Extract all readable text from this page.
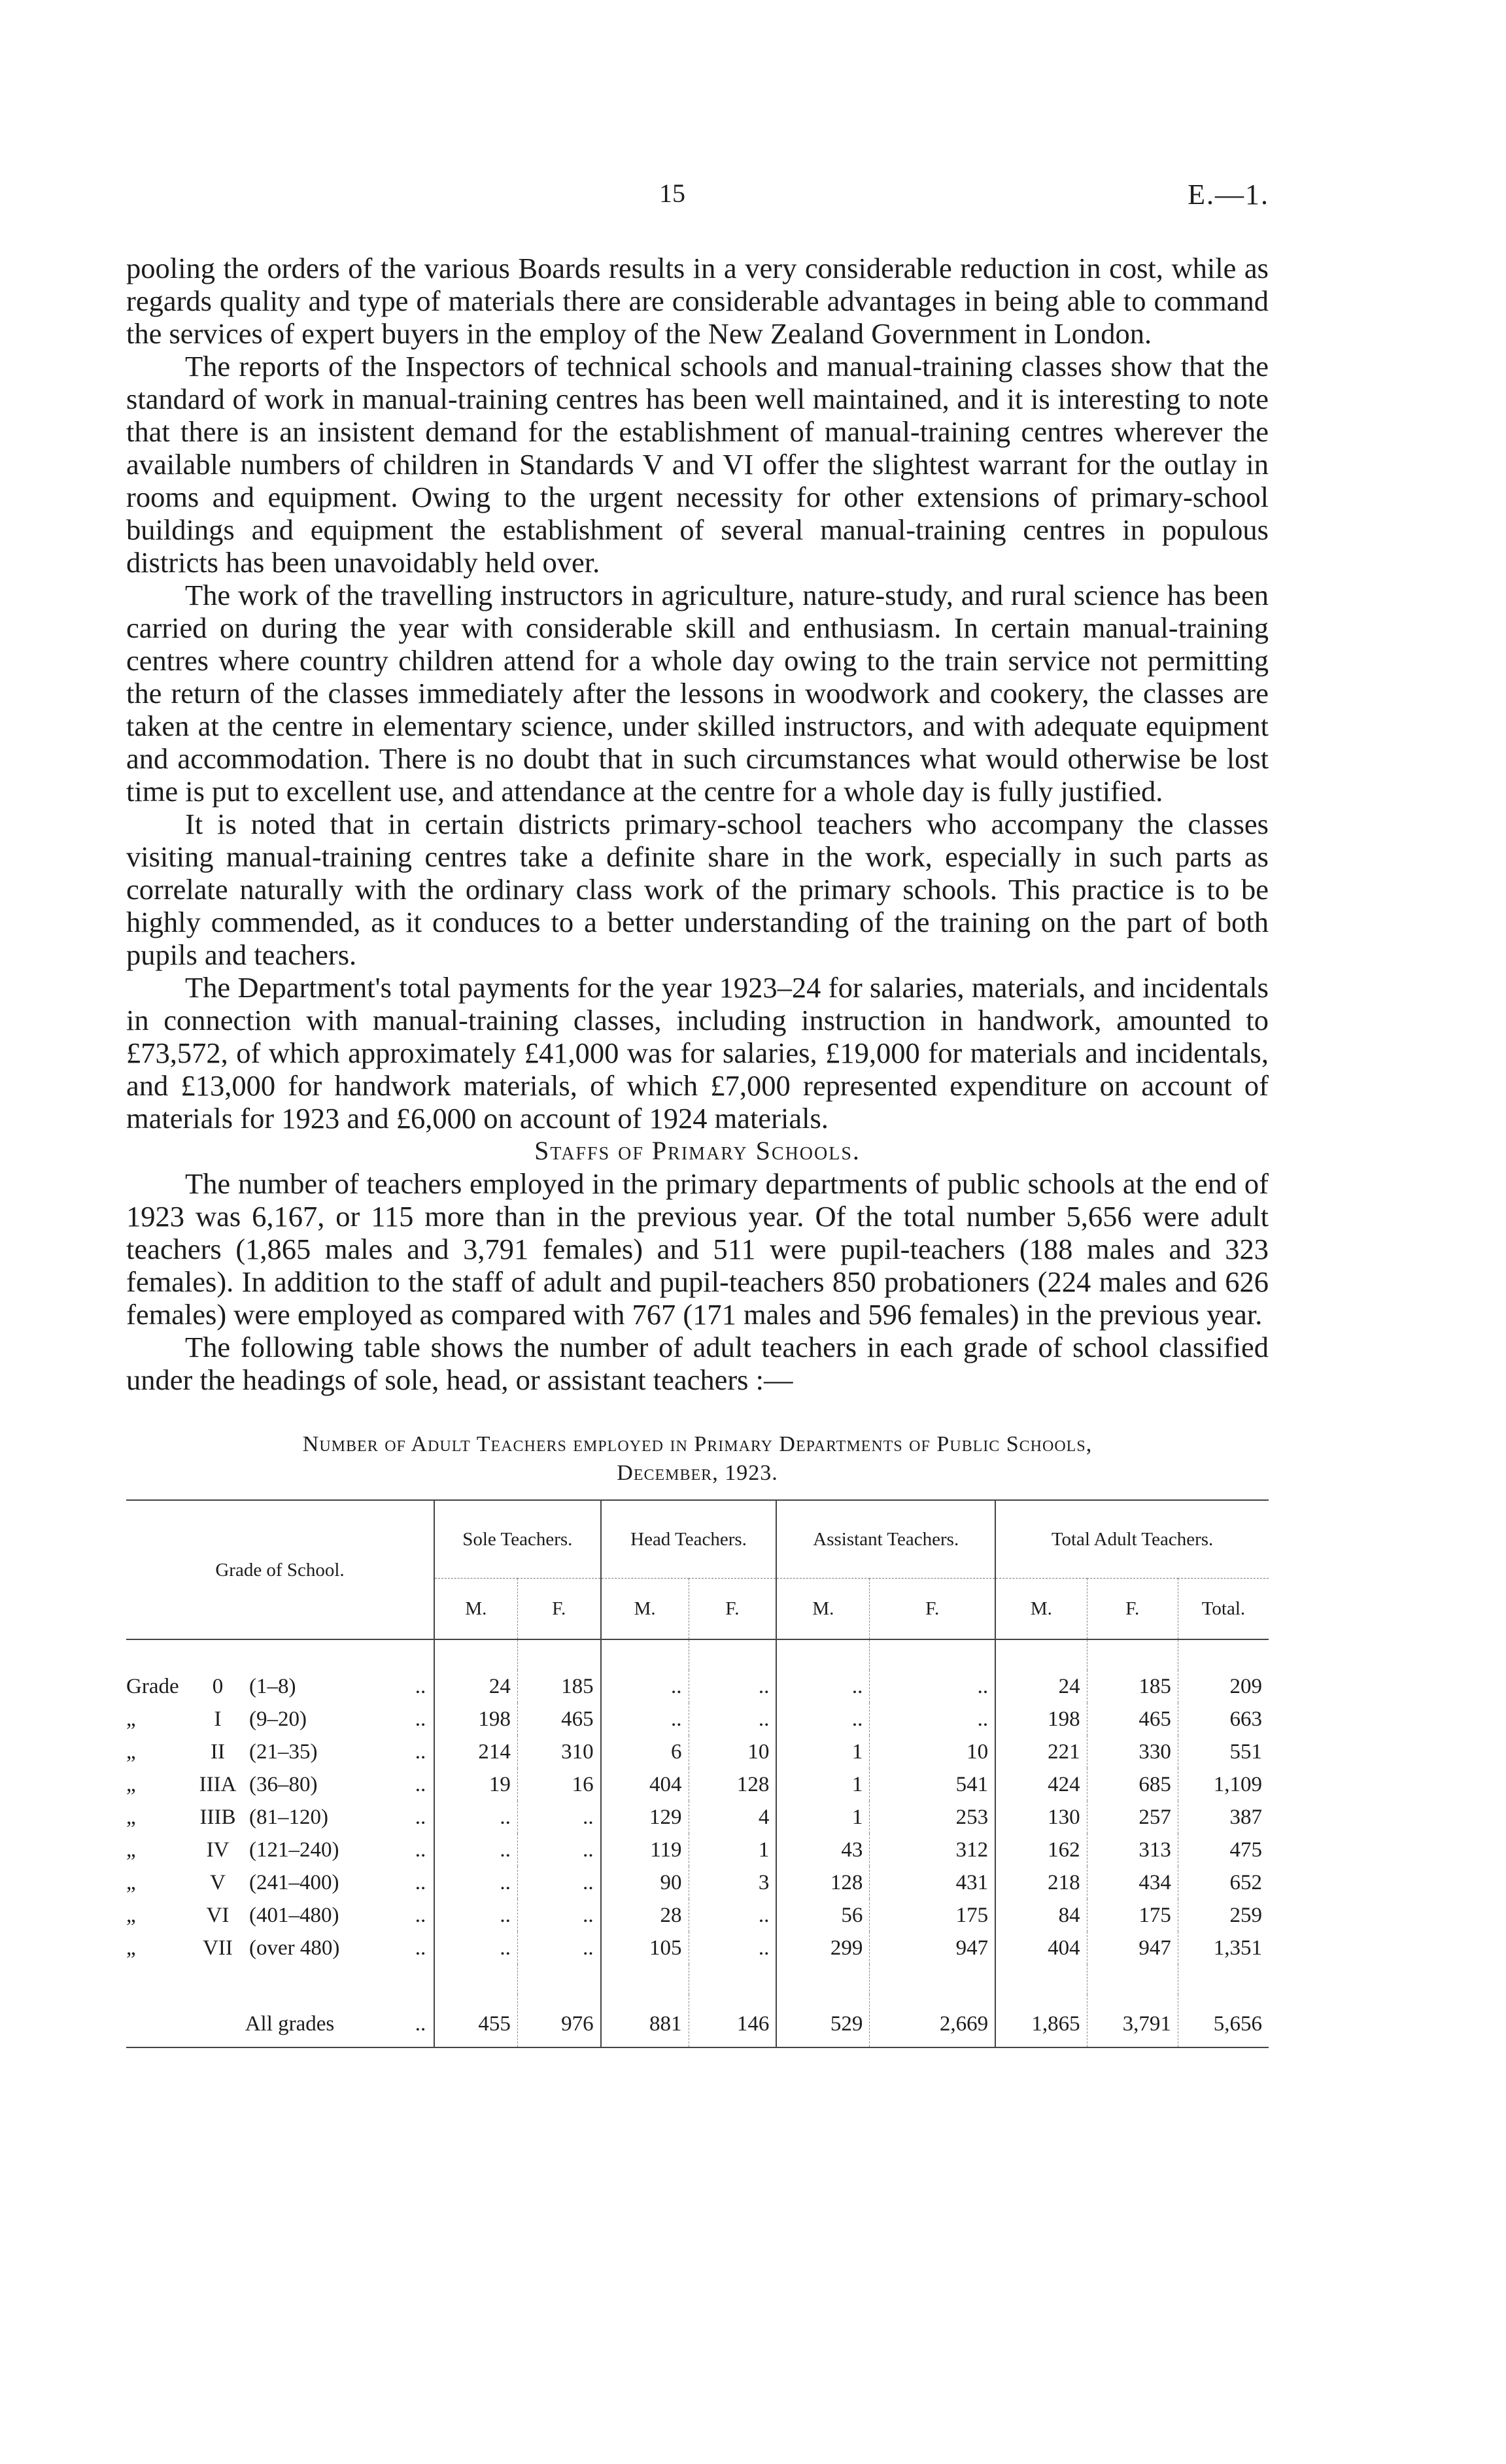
15	E.—1.

pooling the orders of the various Boards results in a very considerable reduction in cost, while as regards quality and type of materials there are considerable advantages in being able to command the services of expert buyers in the employ of the New Zealand Government in London.

The reports of the Inspectors of technical schools and manual-training classes show that the standard of work in manual-training centres has been well maintained, and it is interesting to note that there is an insistent demand for the establishment of manual-training centres wherever the available numbers of children in Standards V and VI offer the slightest warrant for the outlay in rooms and equipment. Owing to the urgent necessity for other extensions of primary-school buildings and equipment the establishment of several manual-training centres in populous districts has been unavoidably held over.

The work of the travelling instructors in agriculture, nature-study, and rural science has been carried on during the year with considerable skill and enthusiasm. In certain manual-training centres where country children attend for a whole day owing to the train service not permitting the return of the classes immediately after the lessons in woodwork and cookery, the classes are taken at the centre in elementary science, under skilled instructors, and with adequate equipment and accommodation. There is no doubt that in such circumstances what would otherwise be lost time is put to excellent use, and attendance at the centre for a whole day is fully justified.

It is noted that in certain districts primary-school teachers who accompany the classes visiting manual-training centres take a definite share in the work, especially in such parts as correlate naturally with the ordinary class work of the primary schools. This practice is to be highly commended, as it conduces to a better understanding of the training on the part of both pupils and teachers.

The Department's total payments for the year 1923–24 for salaries, materials, and incidentals in connection with manual-training classes, including instruction in handwork, amounted to £73,572, of which approximately £41,000 was for salaries, £19,000 for materials and incidentals, and £13,000 for handwork materials, of which £7,000 represented expenditure on account of materials for 1923 and £6,000 on account of 1924 materials.

Staffs of Primary Schools.

The number of teachers employed in the primary departments of public schools at the end of 1923 was 6,167, or 115 more than in the previous year. Of the total number 5,656 were adult teachers (1,865 males and 3,791 females) and 511 were pupil-teachers (188 males and 323 females). In addition to the staff of adult and pupil-teachers 850 probationers (224 males and 626 females) were employed as compared with 767 (171 males and 596 females) in the previous year.

The following table shows the number of adult teachers in each grade of school classified under the headings of sole, head, or assistant teachers :—

Number of Adult Teachers employed in Primary Departments of Public Schools,
December, 1923.
Grade of School.		Sole Teachers.		Head Teachers.		Assistant Teachers.		Total Adult Teachers.		
		M.	F.	M.	F.	M.	F.	M.	F.	Total.

Grade 0 (1–8)	..	24	185	..	..	..	..	24	185	209
„ I (9–20)	..	198	465	..	..	..	..	198	465	663
„ II (21–35)	..	214	310	6	10	1	10	221	330	551
„ IIIA (36–80)	..	19	16	404	128	1	541	424	685	1,109
„ IIIB (81–120)	..	..	..	129	4	1	253	130	257	387
„ IV (121–240)	..	..	..	119	1	43	312	162	313	475
„ V (241–400)	..	..	..	90	3	128	431	218	434	652
„ VI (401–480)	..	..	..	28	..	56	175	84	175	259
„ VII (over 480)	..	..	..	105	..	299	947	404	947	1,351

All grades	..	455	976	881	146	529	2,669	1,865	3,791	5,656
